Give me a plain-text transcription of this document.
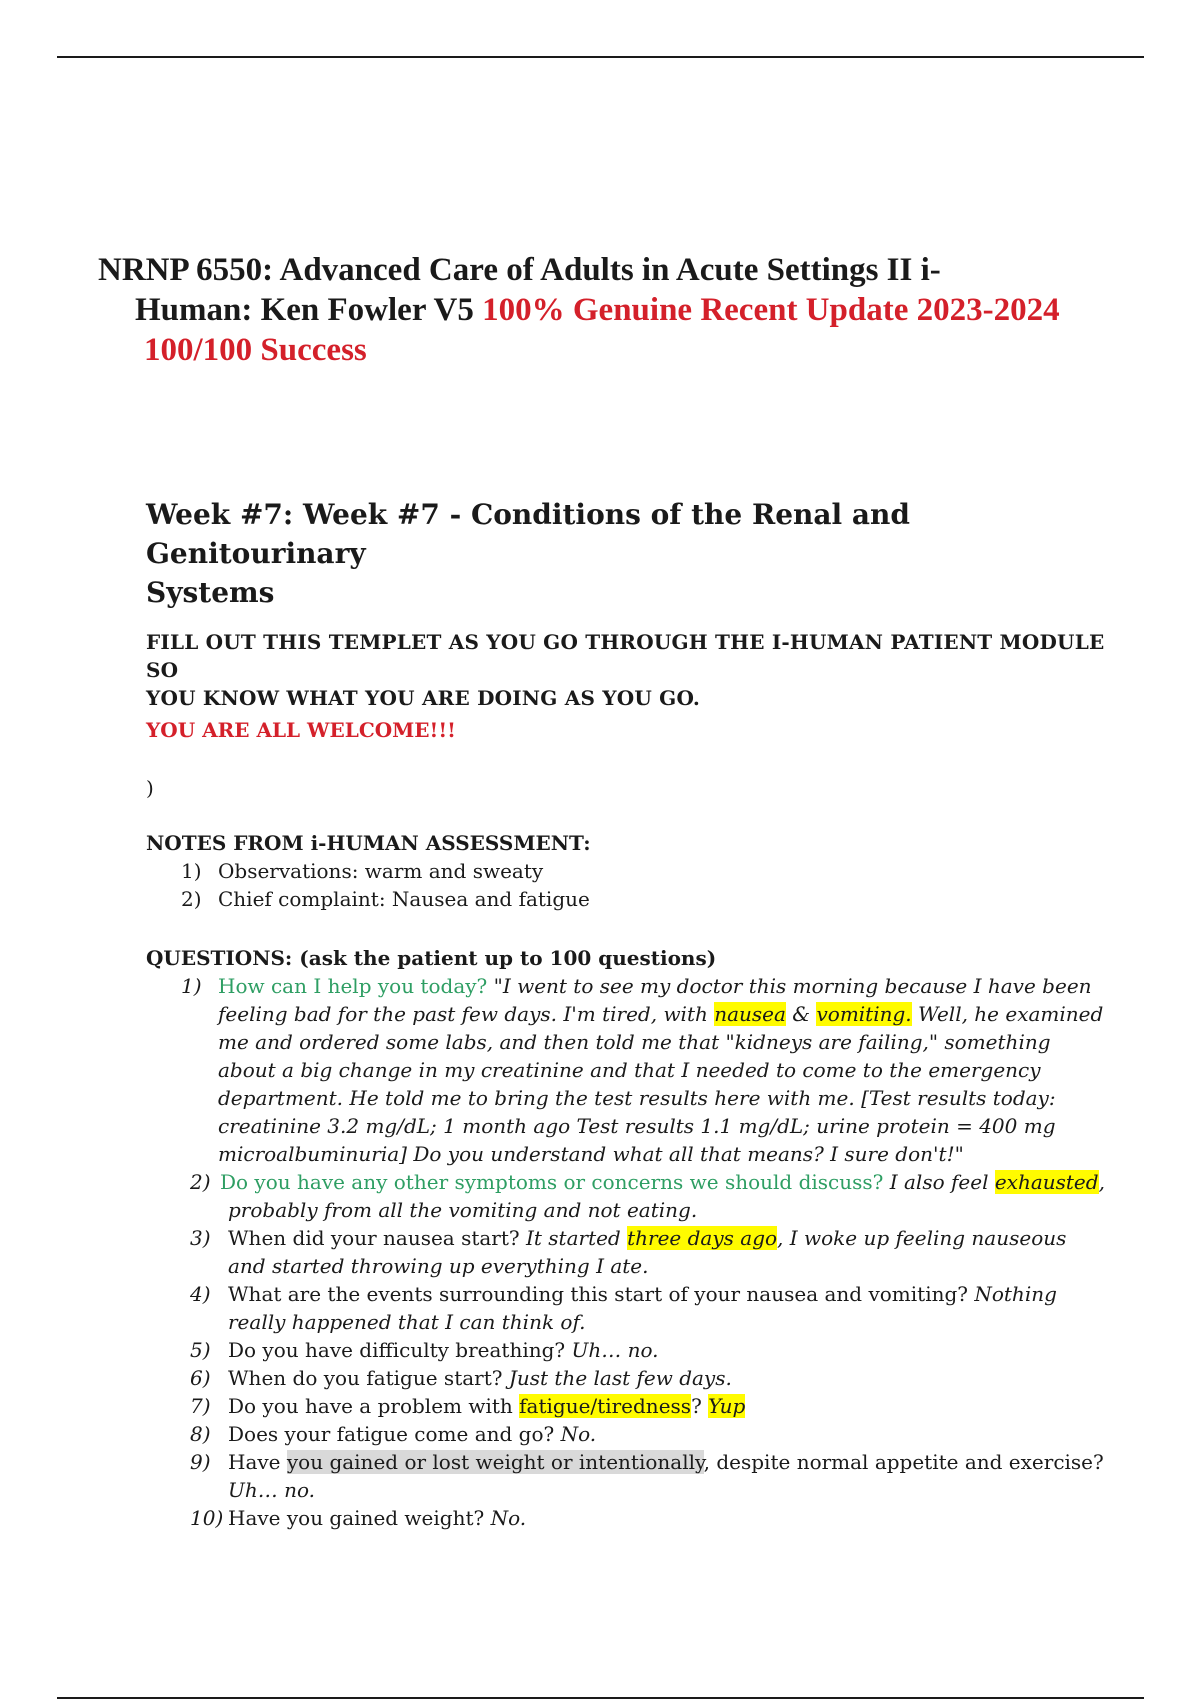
NRNP 6550: Advanced Care of Adults in Acute Settings II i-
Human: Ken Fowler V5 100% Genuine Recent Update 2023-2024
100/100 Success
Week #7: Week #7 - Conditions of the Renal and Genitourinary
Systems
FILL OUT THIS TEMPLET AS YOU GO THROUGH THE I-HUMAN PATIENT MODULE SO
YOU KNOW WHAT YOU ARE DOING AS YOU GO.
YOU ARE ALL WELCOME!!!
)
NOTES FROM i-HUMAN ASSESSMENT:
1) Observations: warm and sweaty
2) Chief complaint: Nausea and fatigue
QUESTIONS: (ask the patient up to 100 questions)
1) How can I help you today? "I went to see my doctor this morning because I have been feeling bad for the past few days. I'm tired, with nausea & vomiting. Well, he examined me and ordered some labs, and then told me that "kidneys are failing," something about a big change in my creatinine and that I needed to come to the emergency department. He told me to bring the test results here with me. [Test results today: creatinine 3.2 mg/dL; 1 month ago Test results 1.1 mg/dL; urine protein = 400 mg microalbuminuria] Do you understand what all that means? I sure don't!"
2) Do you have any other symptoms or concerns we should discuss? I also feel exhausted, probably from all the vomiting and not eating.
3) When did your nausea start? It started three days ago, I woke up feeling nauseous and started throwing up everything I ate.
4) What are the events surrounding this start of your nausea and vomiting? Nothing really happened that I can think of.
5) Do you have difficulty breathing? Uh… no.
6) When do you fatigue start? Just the last few days.
7) Do you have a problem with fatigue/tiredness? Yup
8) Does your fatigue come and go? No.
9) Have you gained or lost weight or intentionally, despite normal appetite and exercise? Uh… no.
10) Have you gained weight? No.
